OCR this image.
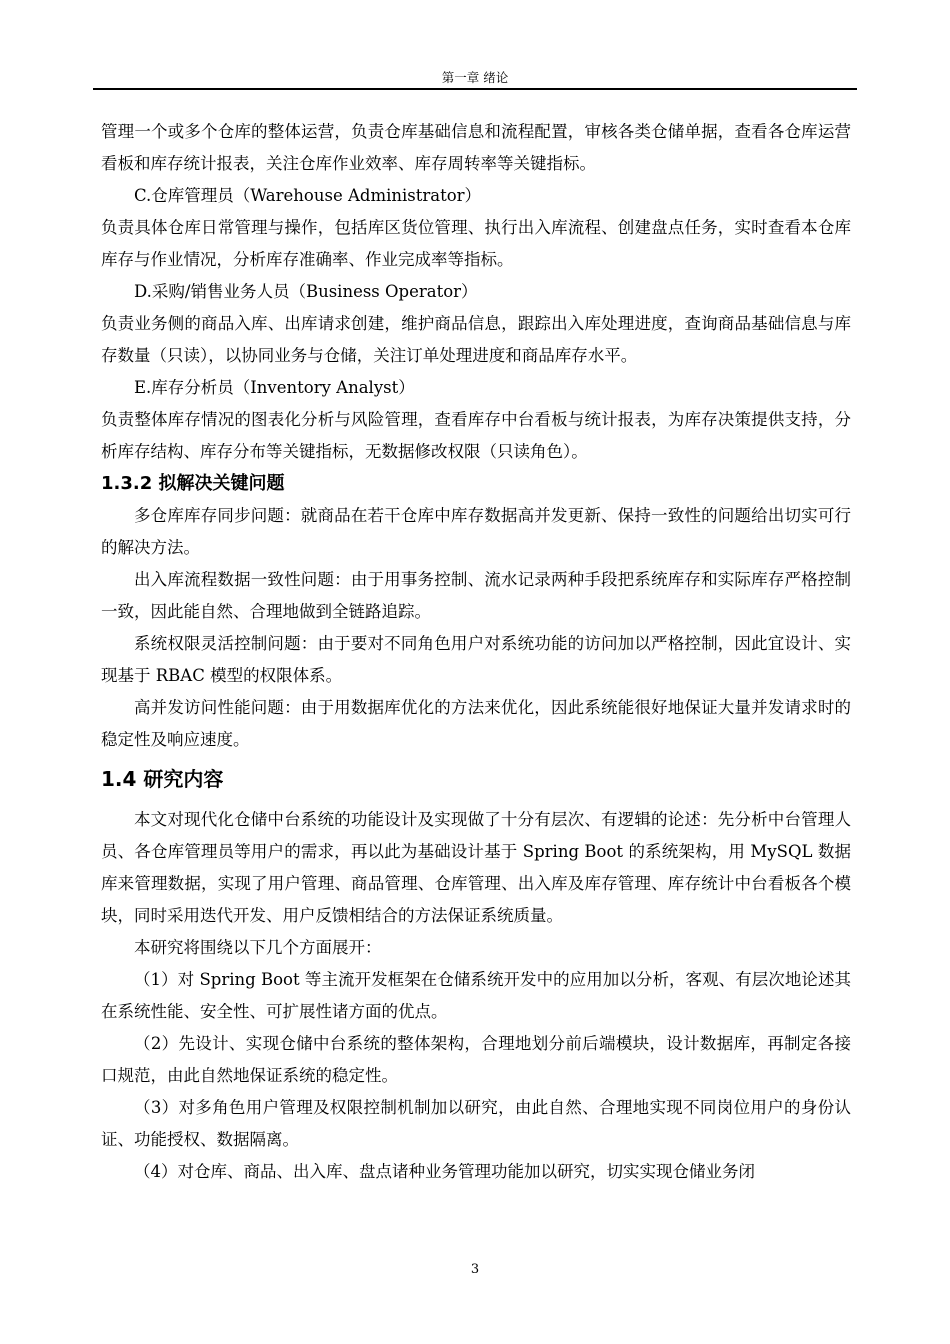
第一章 绪论

管理一个或多个仓库的整体运营，负责仓库基础信息和流程配置，审核各类仓储单据，查看各仓库运营看板和库存统计报表，关注仓库作业效率、库存周转率等关键指标。

C.仓库管理员（Warehouse Administrator）

负责具体仓库日常管理与操作，包括库区货位管理、执行出入库流程、创建盘点任务，实时查看本仓库库存与作业情况，分析库存准确率、作业完成率等指标。

D.采购/销售业务人员（Business Operator）

负责业务侧的商品入库、出库请求创建，维护商品信息，跟踪出入库处理进度，查询商品基础信息与库存数量（只读），以协同业务与仓储，关注订单处理进度和商品库存水平。

E.库存分析员（Inventory Analyst）

负责整体库存情况的图表化分析与风险管理，查看库存中台看板与统计报表，为库存决策提供支持，分析库存结构、库存分布等关键指标，无数据修改权限（只读角色）。

1.3.2 拟解决关键问题

多仓库库存同步问题：就商品在若干仓库中库存数据高并发更新、保持一致性的问题给出切实可行的解决方法。

出入库流程数据一致性问题：由于用事务控制、流水记录两种手段把系统库存和实际库存严格控制一致，因此能自然、合理地做到全链路追踪。

系统权限灵活控制问题：由于要对不同角色用户对系统功能的访问加以严格控制，因此宜设计、实现基于 RBAC 模型的权限体系。

高并发访问性能问题：由于用数据库优化的方法来优化，因此系统能很好地保证大量并发请求时的稳定性及响应速度。

1.4 研究内容

本文对现代化仓储中台系统的功能设计及实现做了十分有层次、有逻辑的论述：先分析中台管理人员、各仓库管理员等用户的需求，再以此为基础设计基于 Spring Boot 的系统架构，用 MySQL 数据库来管理数据，实现了用户管理、商品管理、仓库管理、出入库及库存管理、库存统计中台看板各个模块，同时采用迭代开发、用户反馈相结合的方法保证系统质量。

本研究将围绕以下几个方面展开：

（1）对 Spring Boot 等主流开发框架在仓储系统开发中的应用加以分析，客观、有层次地论述其在系统性能、安全性、可扩展性诸方面的优点。

（2）先设计、实现仓储中台系统的整体架构，合理地划分前后端模块，设计数据库，再制定各接口规范，由此自然地保证系统的稳定性。

（3）对多角色用户管理及权限控制机制加以研究，由此自然、合理地实现不同岗位用户的身份认证、功能授权、数据隔离。

（4）对仓库、商品、出入库、盘点诸种业务管理功能加以研究，切实实现仓储业务闭

3
